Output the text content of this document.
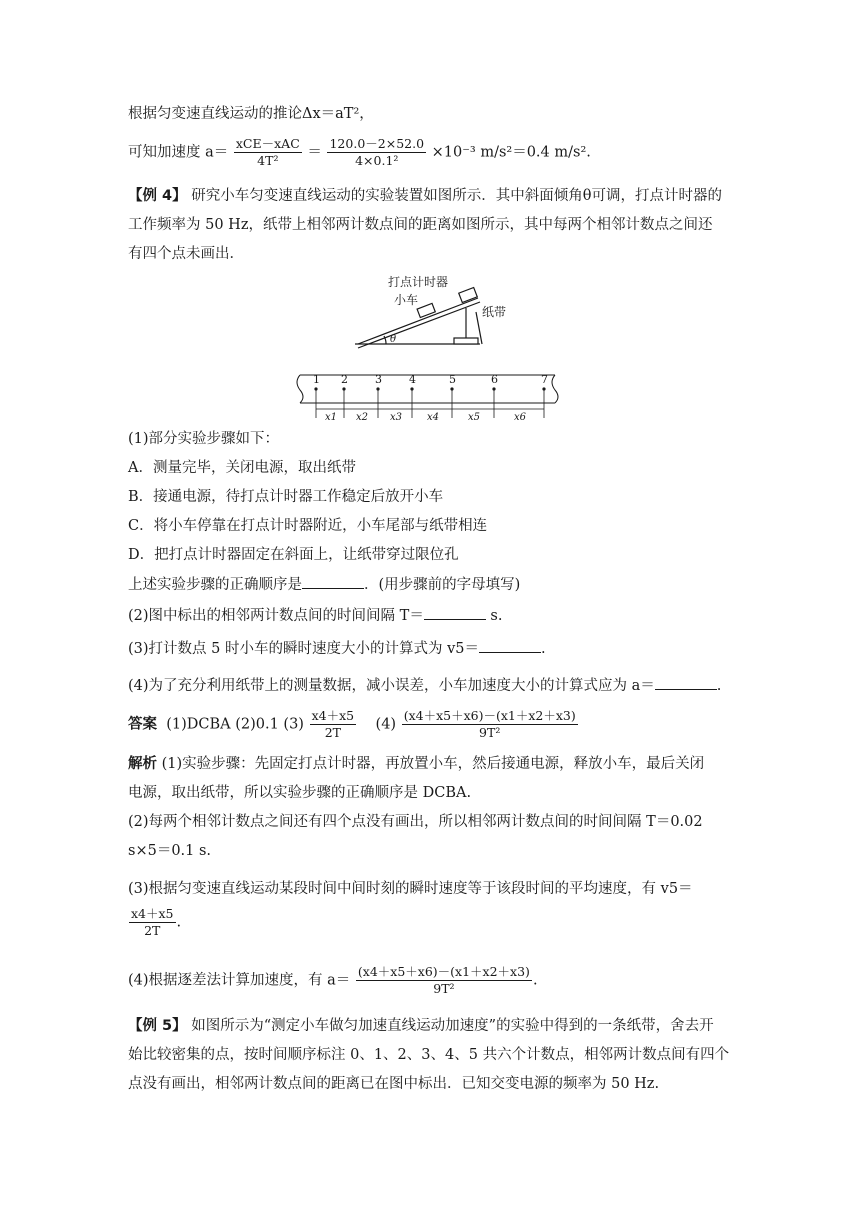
根据匀变速直线运动的推论Δx＝aT²，
可知加速度 $a= \frac{\text{xCE－xAC}}{\text{4T²}} = \frac{120.0-2\times 52.0}{\text{4×0.1²}} \times 10^{-3}$ m/s²＝0.4 m/s².
【例 4】 研究小车匀变速直线运动的实验装置如图所示．其中斜面倾角θ可调，打点计时器的
工作频率为 50 Hz，纸带上相邻两计数点间的距离如图所示，其中每两个相邻计数点之间还
有四个点未画出．
打点计时器
小车
纸带
θ
1 2 3 4	5	6	7
x1 x2 x3 x4	x5	x6
(1)部分实验步骤如下：
A．测量完毕，关闭电源，取出纸带
B．接通电源，待打点计时器工作稳定后放开小车
C．将小车停靠在打点计时器附近，小车尾部与纸带相连
D．把打点计时器固定在斜面上，让纸带穿过限位孔
上述实验步骤的正确顺序是	．(用步骤前的字母填写)
(2)图中标出的相邻两计数点间的时间间隔 T＝	s.
(3)打计数点 5 时小车的瞬时速度大小的计算式为 v5＝	.
(4)为了充分利用纸带上的测量数据，减小误差，小车加速度大小的计算式应为 a＝	.
答案 (1)DCBA (2)0.1 $(3) \frac{x4+x5}{2T} (4) \frac{(x4+x5+x6)-(x1+x2+x3)}{\text{9T²}}$
解析 (1)实验步骤：先固定打点计时器，再放置小车，然后接通电源，释放小车，最后关闭
电源，取出纸带，所以实验步骤的正确顺序是 DCBA.
(2)每两个相邻计数点之间还有四个点没有画出，所以相邻两计数点间的时间间隔 T＝0.02
s×5＝0.1 s.
(3)根据匀变速直线运动某段时间中间时刻的瞬时速度等于该段时间的平均速度，有 v5＝
$\frac{x4+x5}{2T}$ .
(4)根据逐差法计算加速度，有 $a= \frac{(x4+x5+x6)-(x1+x2+x3)}{\text{9T²}}$ .
【例 5】 如图所示为“测定小车做匀加速直线运动加速度”的实验中得到的一条纸带，舍去开
始比较密集的点，按时间顺序标注 0、1、2、3、4、5 共六个计数点，相邻两计数点间有四个
点没有画出，相邻两计数点间的距离已在图中标出．已知交变电源的频率为 50 Hz.
